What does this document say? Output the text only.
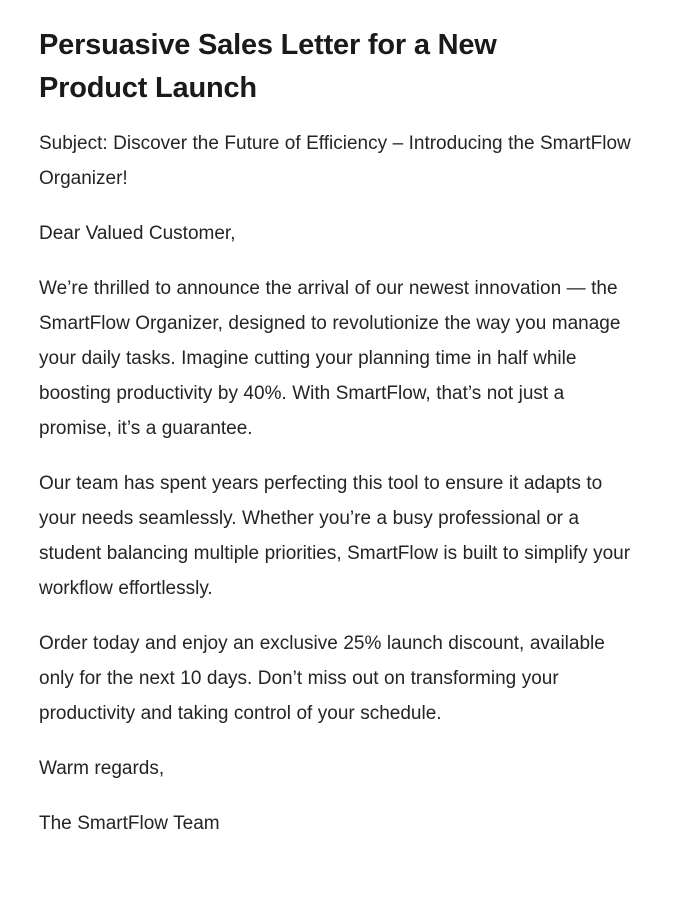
Persuasive Sales Letter for a New Product Launch

Subject: Discover the Future of Efficiency – Introducing the SmartFlow Organizer!

Dear Valued Customer,

We’re thrilled to announce the arrival of our newest innovation — the SmartFlow Organizer, designed to revolutionize the way you manage your daily tasks. Imagine cutting your planning time in half while boosting productivity by 40%. With SmartFlow, that’s not just a promise, it’s a guarantee.

Our team has spent years perfecting this tool to ensure it adapts to your needs seamlessly. Whether you’re a busy professional or a student balancing multiple priorities, SmartFlow is built to simplify your workflow effortlessly.

Order today and enjoy an exclusive 25% launch discount, available only for the next 10 days. Don’t miss out on transforming your productivity and taking control of your schedule.

Warm regards,

The SmartFlow Team
